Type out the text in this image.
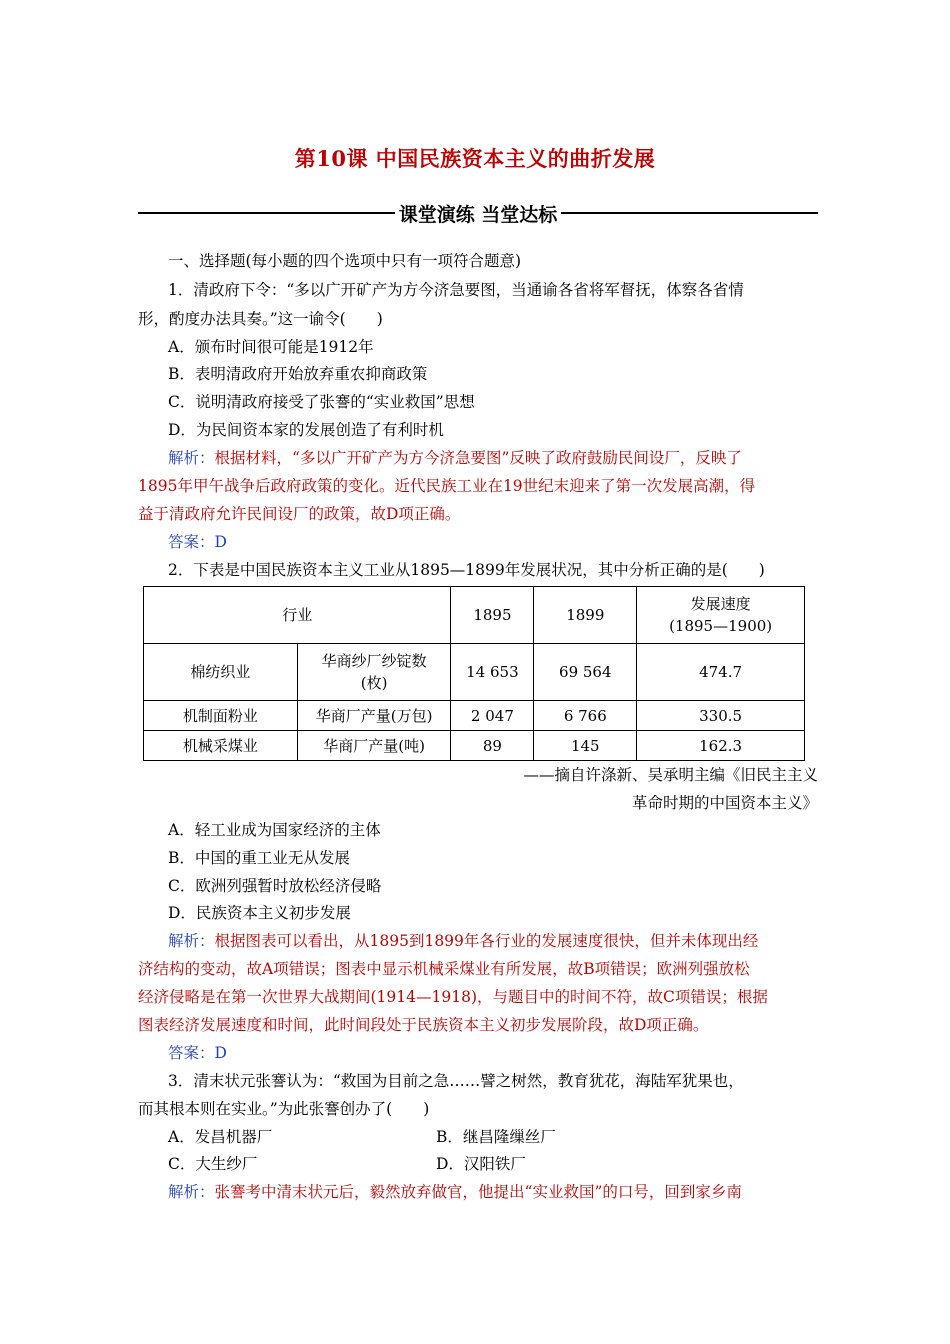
第10课 中国民族资本主义的曲折发展
课堂演练 当堂达标
一、选择题(每小题的四个选项中只有一项符合题意)
1．清政府下令：“多以广开矿产为方今济急要图，当通谕各省将军督抚，体察各省情
形，酌度办法具奏。”这一谕令(　　)
A．颁布时间很可能是1912年
B．表明清政府开始放弃重农抑商政策
C．说明清政府接受了张謇的“实业救国”思想
D．为民间资本家的发展创造了有利时机
解析：根据材料，“多以广开矿产为方今济急要图”反映了政府鼓励民间设厂，反映了
1895年甲午战争后政府政策的变化。近代民族工业在19世纪末迎来了第一次发展高潮，得
益于清政府允许民间设厂的政策，故D项正确。
答案：D
2．下表是中国民族资本主义工业从1895—1899年发展状况，其中分析正确的是(　　)
行业		1895	1899	发展速度
(1895—1900)

棉纺织业	华商纱厂纱锭数
(枚)	14 653	69 564	474.7
机制面粉业	华商厂产量(万包)	2 047	6 766	330.5
机械采煤业	华商厂产量(吨)	89	145	162.3
——摘自许涤新、吴承明主编《旧民主主义
革命时期的中国资本主义》
A．轻工业成为国家经济的主体
B．中国的重工业无从发展
C．欧洲列强暂时放松经济侵略
D．民族资本主义初步发展
解析：根据图表可以看出，从1895到1899年各行业的发展速度很快，但并未体现出经
济结构的变动，故A项错误；图表中显示机械采煤业有所发展，故B项错误；欧洲列强放松
经济侵略是在第一次世界大战期间(1914—1918)，与题目中的时间不符，故C项错误；根据
图表经济发展速度和时间，此时间段处于民族资本主义初步发展阶段，故D项正确。
答案：D
3．清末状元张謇认为：“救国为目前之急……譬之树然，教育犹花，海陆军犹果也，
而其根本则在实业。”为此张謇创办了(　　)
A．发昌机器厂	B．继昌隆缫丝厂
C．大生纱厂	D．汉阳铁厂
解析：张謇考中清末状元后，毅然放弃做官，他提出“实业救国”的口号，回到家乡南
